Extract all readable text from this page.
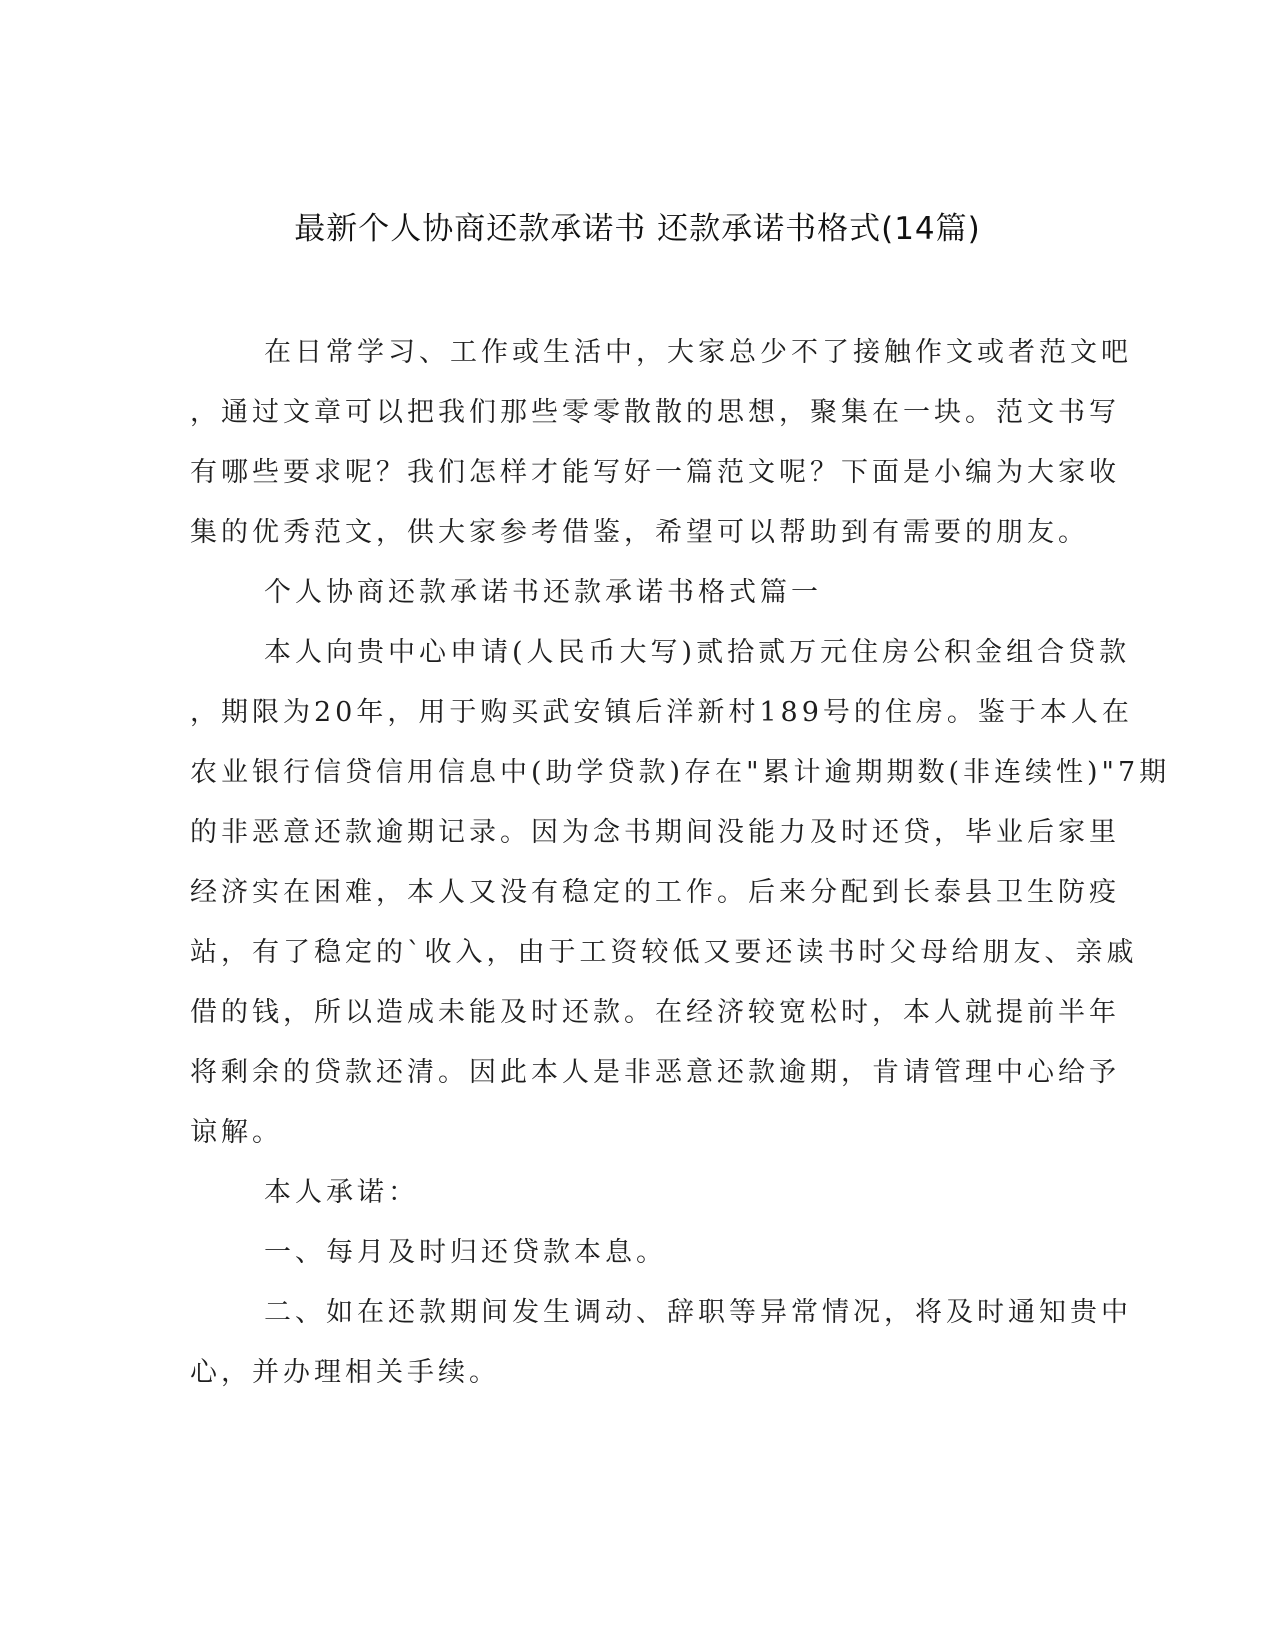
最新个人协商还款承诺书 还款承诺书格式(14篇)
在日常学习、工作或生活中，大家总少不了接触作文或者范文吧
，通过文章可以把我们那些零零散散的思想，聚集在一块。范文书写
有哪些要求呢？我们怎样才能写好一篇范文呢？下面是小编为大家收
集的优秀范文，供大家参考借鉴，希望可以帮助到有需要的朋友。
个人协商还款承诺书还款承诺书格式篇一
本人向贵中心申请(人民币大写)贰拾贰万元住房公积金组合贷款
，期限为20年，用于购买武安镇后洋新村189号的住房。鉴于本人在
农业银行信贷信用信息中(助学贷款)存在"累计逾期期数(非连续性)"7期
的非恶意还款逾期记录。因为念书期间没能力及时还贷，毕业后家里
经济实在困难，本人又没有稳定的工作。后来分配到长泰县卫生防疫
站，有了稳定的`收入，由于工资较低又要还读书时父母给朋友、亲戚
借的钱，所以造成未能及时还款。在经济较宽松时，本人就提前半年
将剩余的贷款还清。因此本人是非恶意还款逾期，肯请管理中心给予
谅解。
本人承诺：
一、每月及时归还贷款本息。
二、如在还款期间发生调动、辞职等异常情况，将及时通知贵中
心，并办理相关手续。
